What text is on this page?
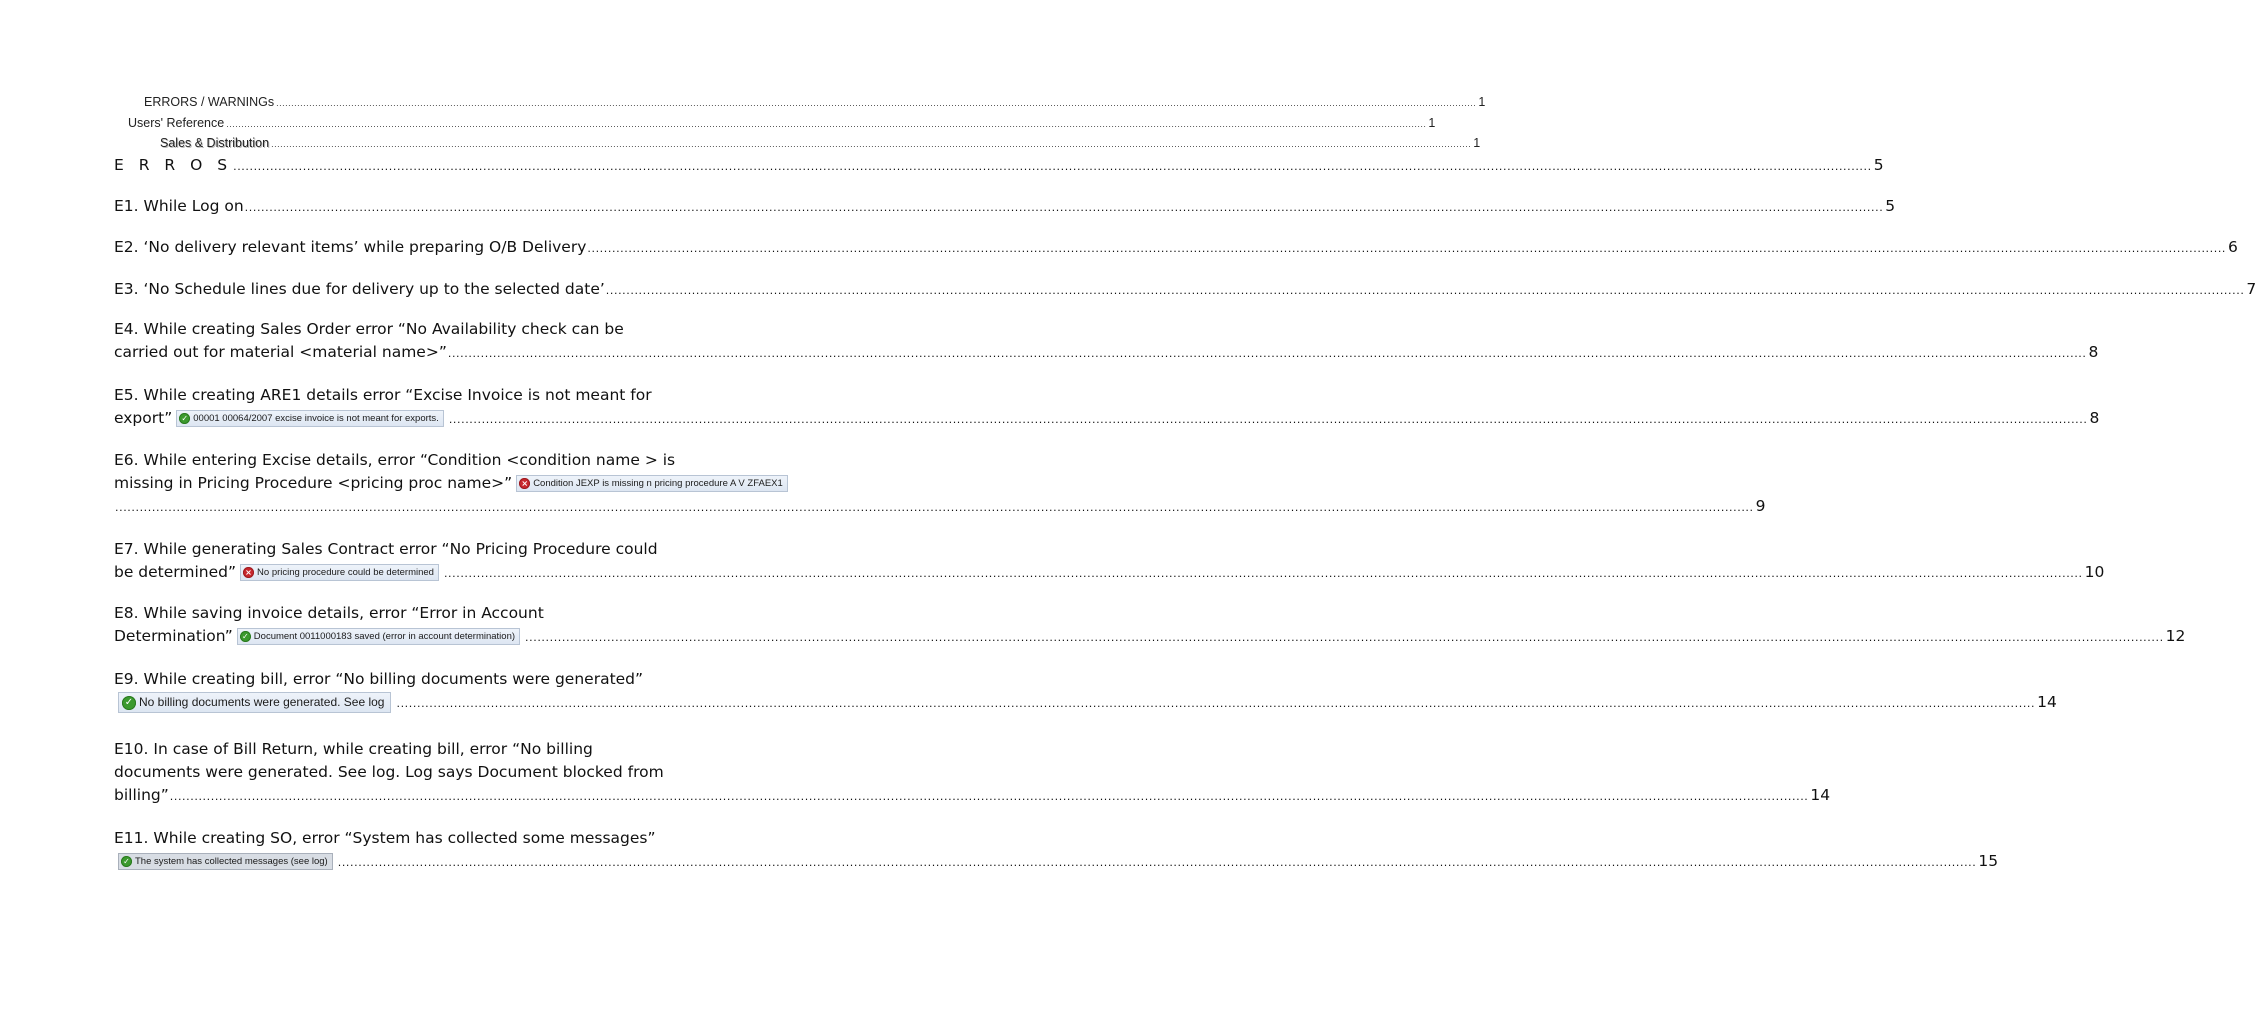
ERRORS / WARNINGs ................................................................................................................................................................................................................................................................................................................................................................................................................ 1
Users' Reference ................................................................................................................................................................................................................................................................................................................................................................................................................ 1
Sales & Distribution ................................................................................................................................................................................................................................................................................................................................................................................................................ 1
E R R O S ................................................................................................................................................................................................................................................................................................................................................................................................................ 5
E1. While Log on ................................................................................................................................................................................................................................................................................................................................................................................................................ 5
E2. ‘No delivery relevant items’ while preparing O/B Delivery ................................................................................................................................................................................................................................................................................................................................................................................................................ 6
E3. ‘No Schedule lines due for delivery up to the selected date’ ................................................................................................................................................................................................................................................................................................................................................................................................................ 7
E4. While creating Sales Order error “No Availability check can be
carried out for material <material name>” ................................................................................................................................................................................................................................................................................................................................................................................................................ 8
E5. While creating ARE1 details error “Excise Invoice is not meant for
export” ✓ 00001 00064/2007 excise invoice is not meant for exports. ................................................................................................................................................................................................................................................................................................................................................................................................................ 8
E6. While entering Excise details, error “Condition <condition name > is
missing in Pricing Procedure <pricing proc name>” × Condition JEXP is missing n pricing procedure A V ZFAEX1
................................................................................................................................................................................................................................................................................................................................................................................................................ 9
E7. While generating Sales Contract error “No Pricing Procedure could
be determined” × No pricing procedure could be determined ................................................................................................................................................................................................................................................................................................................................................................................................................ 10
E8. While saving invoice details, error “Error in Account
Determination” ✓ Document 0011000183 saved (error in account determination) ................................................................................................................................................................................................................................................................................................................................................................................................................ 12
E9. While creating bill, error “No billing documents were generated”
✓ No billing documents were generated. See log ................................................................................................................................................................................................................................................................................................................................................................................................................ 14
E10. In case of Bill Return, while creating bill, error “No billing
documents were generated. See log. Log says Document blocked from
billing” ................................................................................................................................................................................................................................................................................................................................................................................................................ 14
E11. While creating SO, error “System has collected some messages”
✓ The system has collected messages (see log) ................................................................................................................................................................................................................................................................................................................................................................................................................ 15
